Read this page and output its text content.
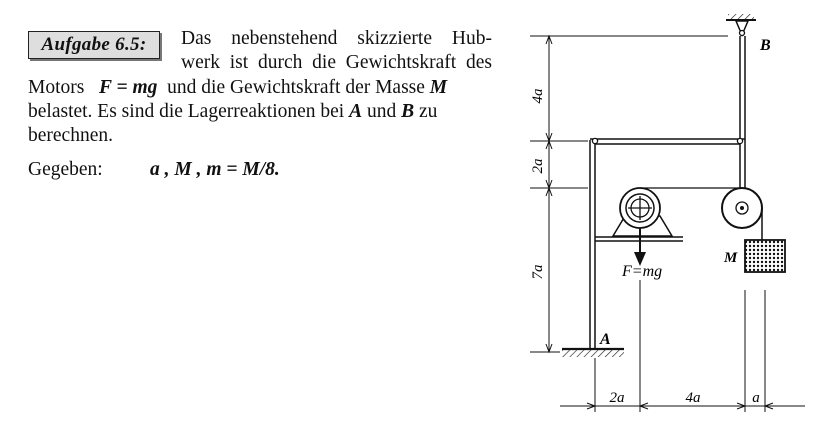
Aufgabe 6.5:	Das nebenstehend skizzierte Hub-
werk ist durch die Gewichtskraft des
Motors F = mg und die Gewichtskraft der Masse M
belastet. Es sind die Lagerreaktionen bei A und B zu
berechnen.
Gegeben: a , M , m = M/8.
M
F=mg
A
B
4a
2a
7a
2a	4a	a
